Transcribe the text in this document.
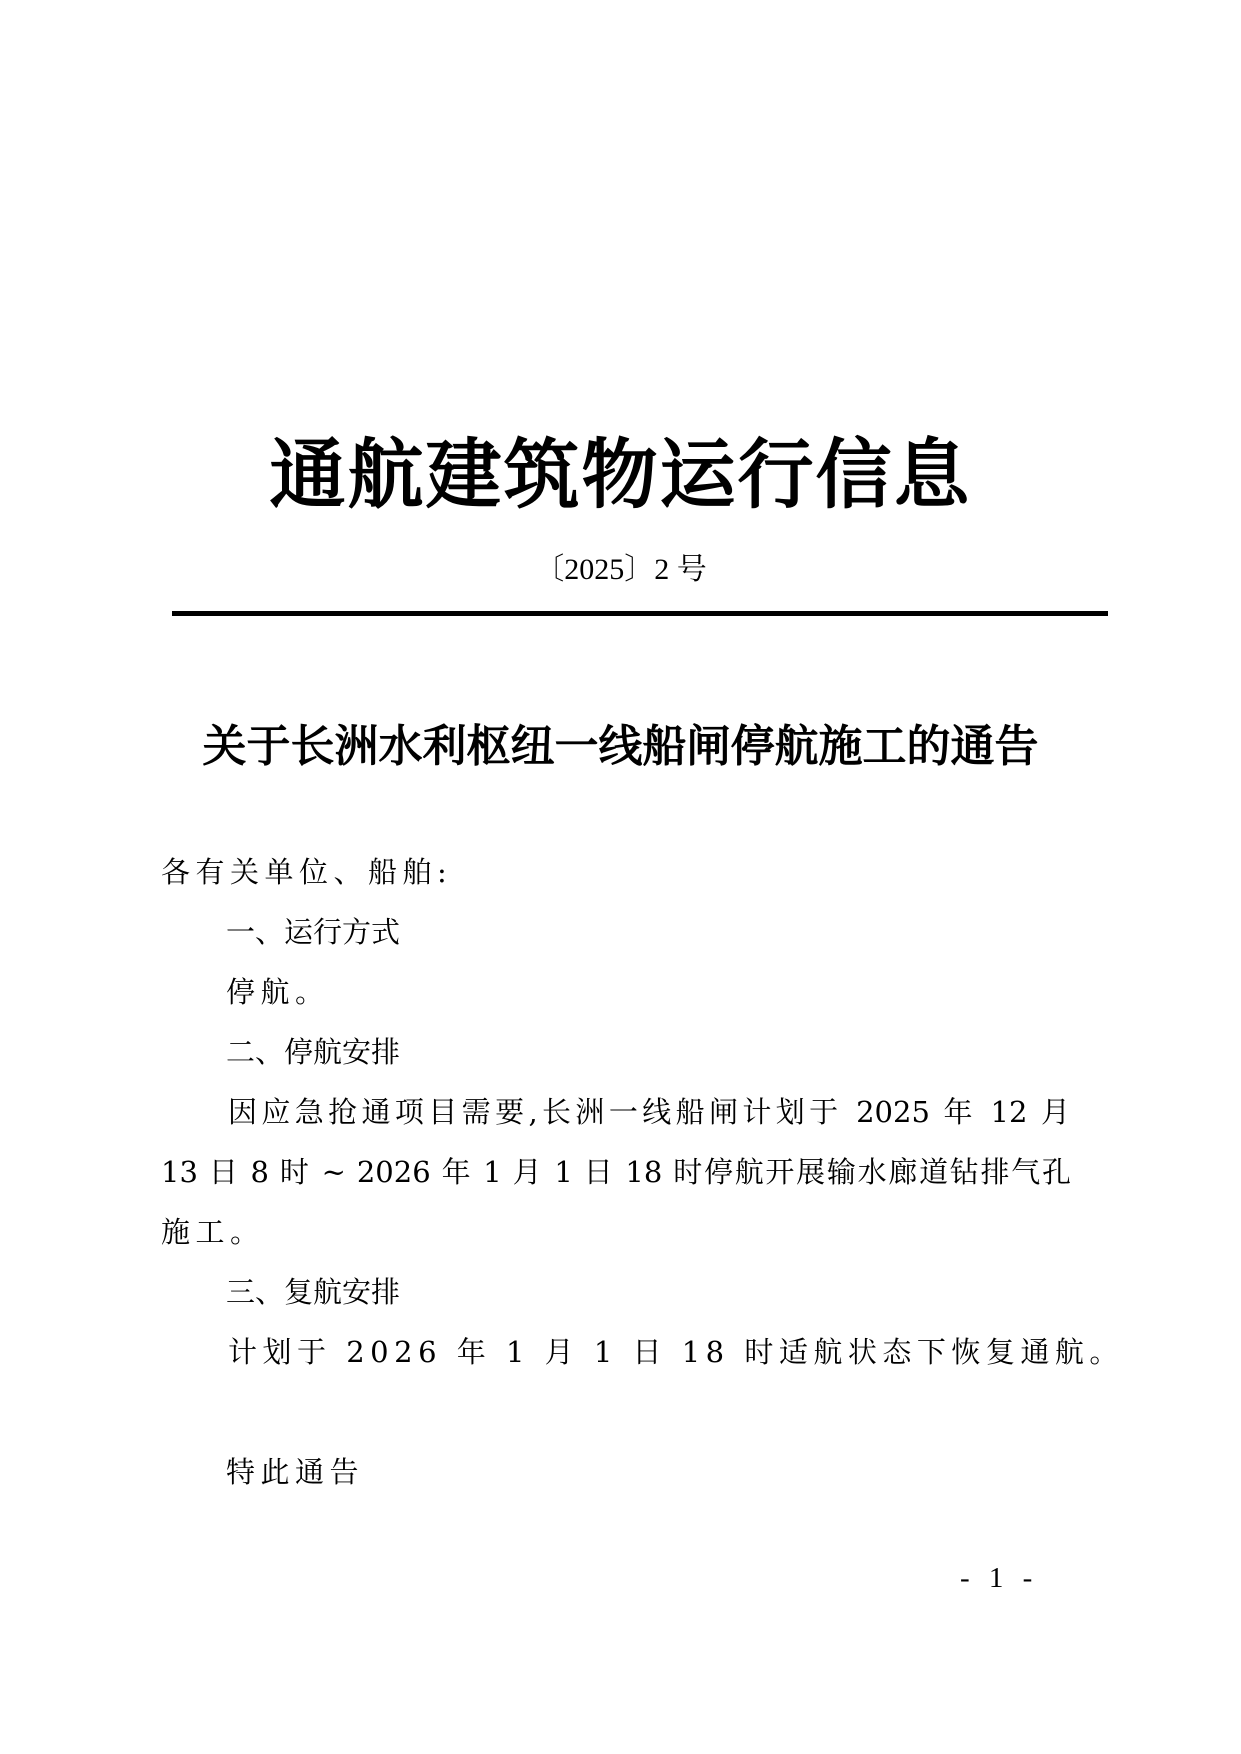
通航建筑物运行信息
〔2025〕2 号
关于长洲水利枢纽一线船闸停航施工的通告
各有关单位、船舶:
一、运行方式
停航。
二、停航安排
因应急抢通项目需要,长洲一线船闸计划于 2025 年 12 月
13 日 8 时 ~ 2026 年 1 月 1 日 18 时停航开展输水廊道钻排气孔
施工。
三、复航安排
计划于 2026 年 1 月 1 日 18 时适航状态下恢复通航。
特此通告
- 1 -
